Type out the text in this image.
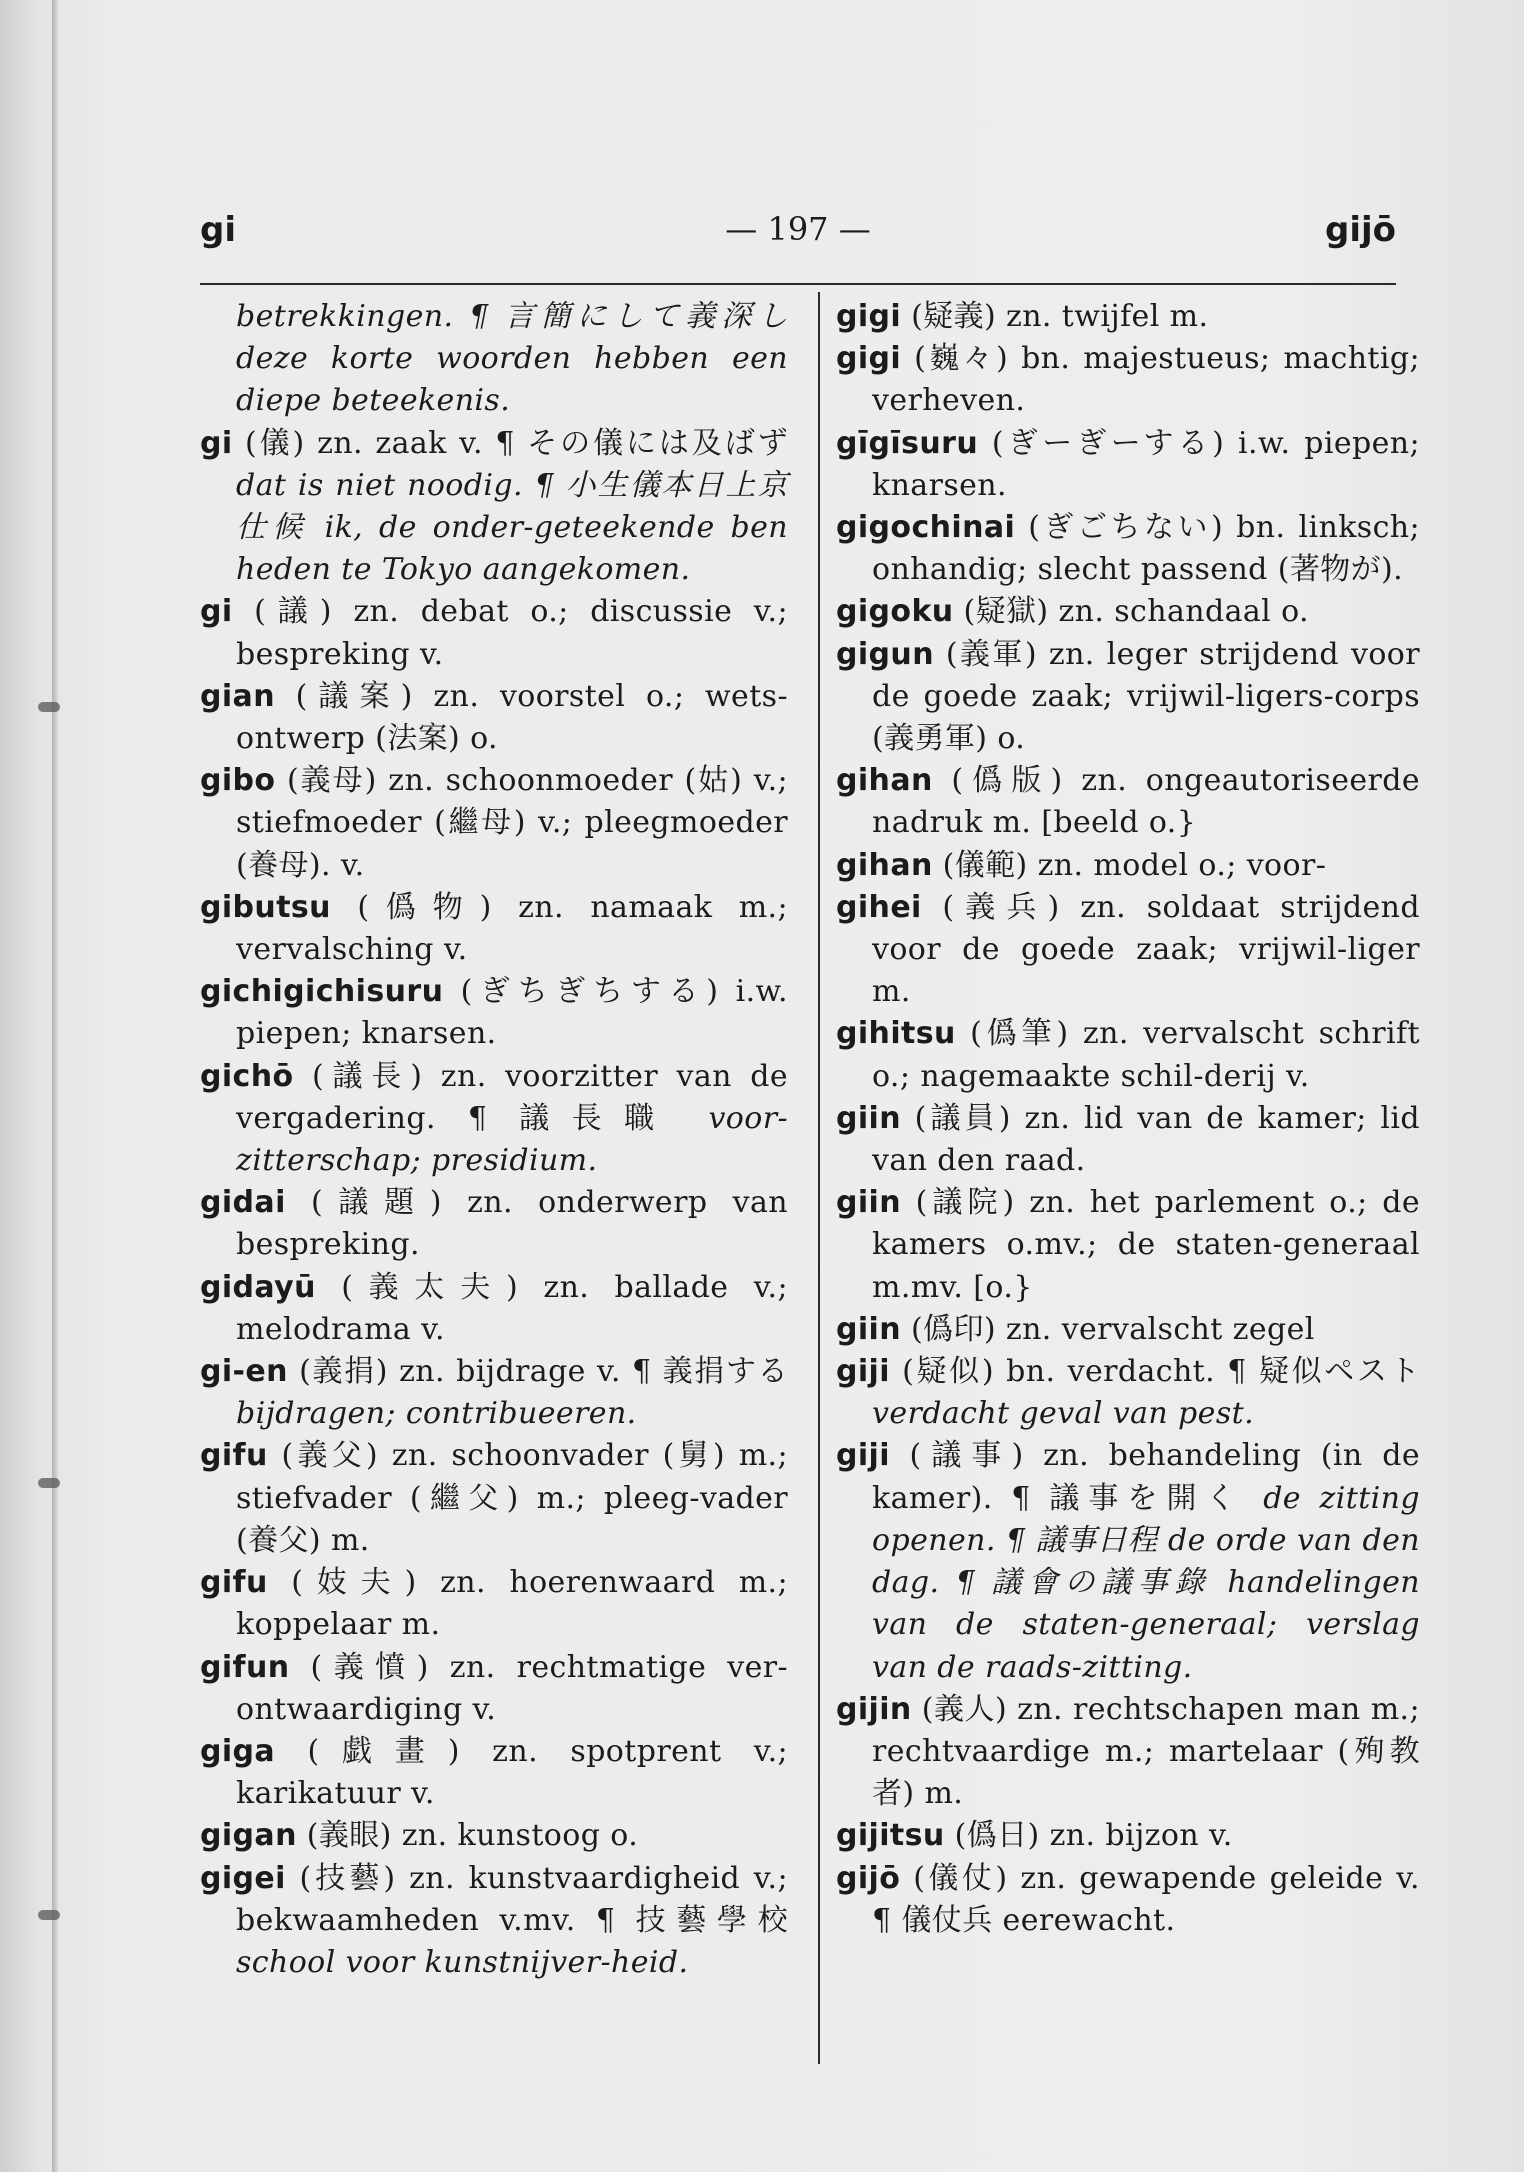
gi	— 197 —	gijō
betrekkingen. ¶ 言簡にして義深し deze korte woorden hebben een diepe beteekenis.
gi (儀) zn. zaak v. ¶ その儀には及ばず dat is niet noodig. ¶ 小生儀本日上京仕候 ik, de onder-geteekende ben heden te Tokyo aangekomen.
gi (議) zn. debat o.; discussie v.; bespreking v.
gian (議案) zn. voorstel o.; wets-ontwerp (法案) o.
gibo (義母) zn. schoonmoeder (姑) v.; stiefmoeder (繼母) v.; pleegmoeder (養母). v.
gibutsu (僞物) zn. namaak m.; vervalsching v.
gichigichisuru (ぎちぎちする) i.w. piepen; knarsen.
gichō (議長) zn. voorzitter van de vergadering. ¶ 議長職 voor-zitterschap; presidium.
gidai (議題) zn. onderwerp van bespreking.
gidayū (義太夫) zn. ballade v.; melodrama v.
gi-en (義捐) zn. bijdrage v. ¶ 義捐する bijdragen; contribueeren.
gifu (義父) zn. schoonvader (舅) m.; stiefvader (繼父) m.; pleeg-vader (養父) m.
gifu (妓夫) zn. hoerenwaard m.; koppelaar m.
gifun (義憤) zn. rechtmatige ver-ontwaardiging v.
giga (戯畫) zn. spotprent v.; karikatuur v.
gigan (義眼) zn. kunstoog o.
gigei (技藝) zn. kunstvaardigheid v.; bekwaamheden v.mv. ¶ 技藝學校 school voor kunstnijver-heid.
gigi (疑義) zn. twijfel m.
gigi (巍々) bn. majestueus; machtig; verheven.
gīgīsuru (ぎーぎーする) i.w. piepen; knarsen.
gigochinai (ぎごちない) bn. linksch; onhandig; slecht passend (著物が).
gigoku (疑獄) zn. schandaal o.
gigun (義軍) zn. leger strijdend voor de goede zaak; vrijwil-ligers-corps (義勇軍) o.
gihan (僞版) zn. ongeautoriseerde nadruk m. [beeld o.}
gihan (儀範) zn. model o.; voor-
gihei (義兵) zn. soldaat strijdend voor de goede zaak; vrijwil-liger m.
gihitsu (僞筆) zn. vervalscht schrift o.; nagemaakte schil-derij v.
giin (議員) zn. lid van de kamer; lid van den raad.
giin (議院) zn. het parlement o.; de kamers o.mv.; de staten-generaal m.mv. [o.}
giin (僞印) zn. vervalscht zegel
giji (疑似) bn. verdacht. ¶ 疑似ペスト verdacht geval van pest.
giji (議事) zn. behandeling (in de kamer). ¶ 議事を開く de zitting openen. ¶ 議事日程 de orde van den dag. ¶ 議會の議事錄 handelingen van de staten-generaal; verslag van de raads-zitting.
gijin (義人) zn. rechtschapen man m.; rechtvaardige m.; martelaar (殉教者) m.
gijitsu (僞日) zn. bijzon v.
gijō (儀仗) zn. gewapende geleide v. ¶ 儀仗兵 eerewacht.
